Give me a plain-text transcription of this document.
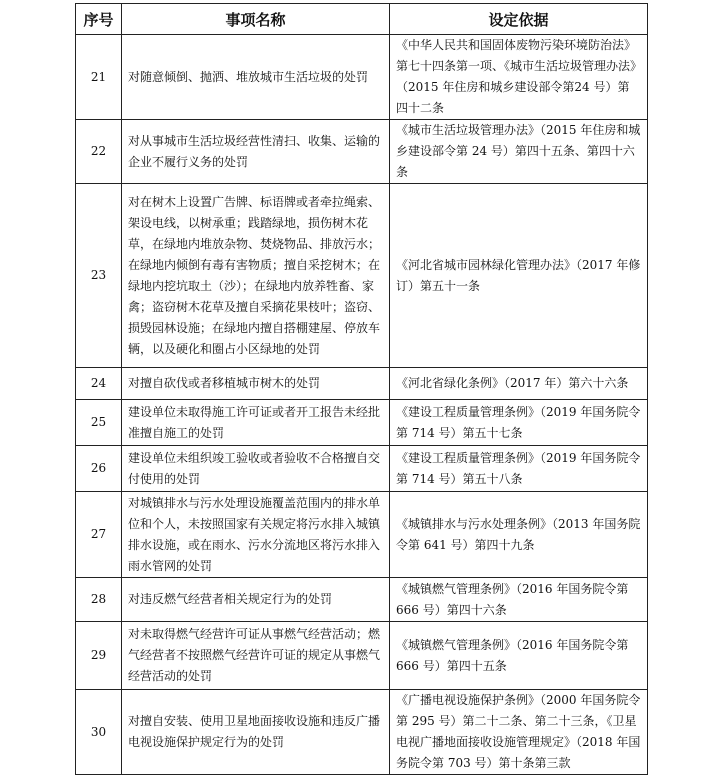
序号	事项名称	设定依据
21	对随意倾倒、抛洒、堆放城市生活垃圾的处罚	《中华人民共和国固体废物污染环境防治法》第七十四条第一项、《城市生活垃圾管理办法》（2015 年住房和城乡建设部令第24 号）第四十二条
22	对从事城市生活垃圾经营性清扫、收集、运输的企业不履行义务的处罚	《城市生活垃圾管理办法》（2015 年住房和城乡建设部令第 24 号）第四十五条、第四十六条
23	对在树木上设置广告牌、标语牌或者牵拉绳索、架设电线，以树承重；践踏绿地，损伤树木花草，在绿地内堆放杂物、焚烧物品、排放污水；在绿地内倾倒有毒有害物质；擅自采挖树木；在绿地内挖坑取土（沙）；在绿地内放养牲畜、家禽；盗窃树木花草及擅自采摘花果枝叶；盗窃、损毁园林设施；在绿地内擅自搭棚建屋、停放车辆，以及硬化和圈占小区绿地的处罚	《河北省城市园林绿化管理办法》（2017 年修订）第五十一条
24	对擅自砍伐或者移植城市树木的处罚	《河北省绿化条例》（2017 年）第六十六条
25	建设单位未取得施工许可证或者开工报告未经批准擅自施工的处罚	《建设工程质量管理条例》（2019 年国务院令第 714 号）第五十七条
26	建设单位未组织竣工验收或者验收不合格擅自交付使用的处罚	《建设工程质量管理条例》（2019 年国务院令第 714 号）第五十八条
27	对城镇排水与污水处理设施覆盖范围内的排水单位和个人，未按照国家有关规定将污水排入城镇排水设施，或在雨水、污水分流地区将污水排入雨水管网的处罚	《城镇排水与污水处理条例》（2013 年国务院令第 641 号）第四十九条
28	对违反燃气经营者相关规定行为的处罚	《城镇燃气管理条例》（2016 年国务院令第666 号）第四十六条
29	对未取得燃气经营许可证从事燃气经营活动；燃气经营者不按照燃气经营许可证的规定从事燃气经营活动的处罚	《城镇燃气管理条例》（2016 年国务院令第666 号）第四十五条
30	对擅自安装、使用卫星地面接收设施和违反广播电视设施保护规定行为的处罚	《广播电视设施保护条例》（2000 年国务院令第 295 号）第二十二条、第二十三条，《卫星电视广播地面接收设施管理规定》（2018 年国务院令第 703 号）第十条第三款
